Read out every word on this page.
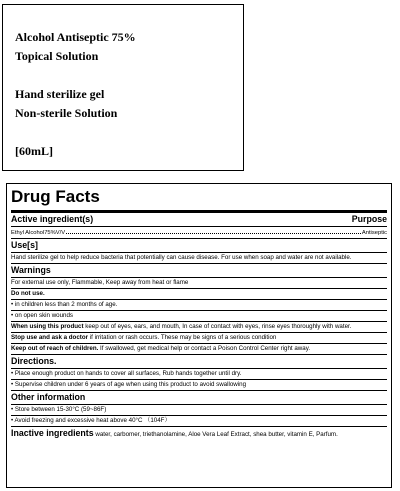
Alcohol Antiseptic 75%
Topical Solution
Hand sterilize gel
Non-sterile Solution
[60mL]
Drug Facts
Active ingredient(s)	Purpose
Ethyl Alcohol75%V/V	Antiseptic
Use[s]
Hand sterilize gel to help reduce bacteria that potentially can cause disease. For use when soap and water are not available.
Warnings
For external use only, Flammable, Keep away from heat or flame
Do not use.
• in children less than 2 months of age.
• on open skin wounds
When using this product keep out of eyes, ears, and mouth, In case of contact with eyes, rinse eyes thoroughly with water.
Stop use and ask a doctor if irritation or rash occurs. These may be signs of a serious condition
Keep out of reach of children. If swallowed, get medical help or contact a Poison Control Center right away.
Directions.
• Place enough product on hands to cover all surfaces, Rub hands together until dry.
• Supervise children under 6 years of age when using this product to avoid swallowing
Other information
• Store between 15-30°C (59~86F)
• Avoid freezing and excessive heat above 40°C （104F）
Inactive ingredients water, carbomer, triethanolamine, Aloe Vera Leaf Extract, shea butter, vitamin E, Parfum.
